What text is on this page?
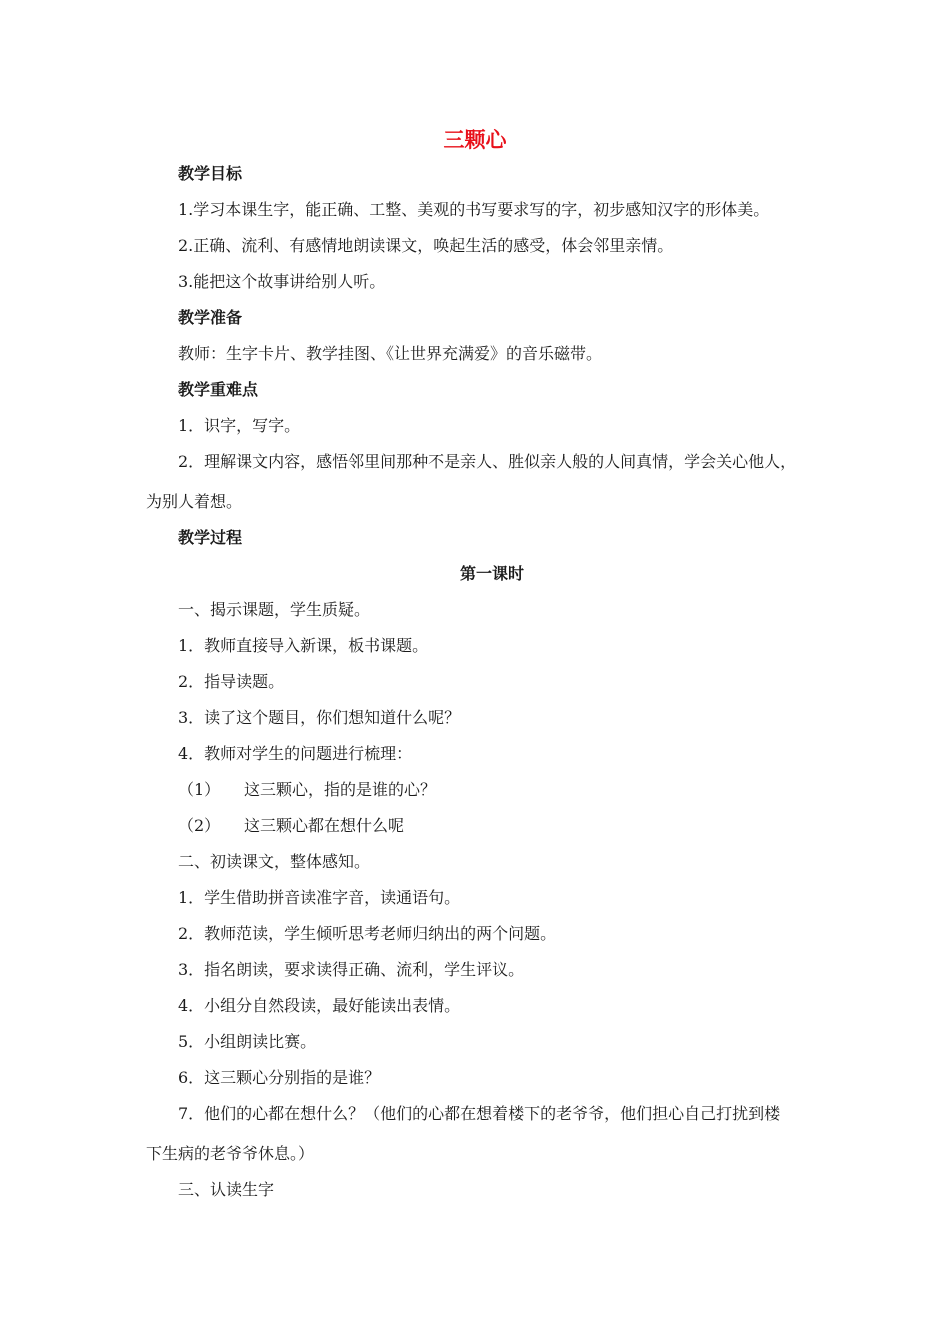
三颗心
教学目标
1.学习本课生字，能正确、工整、美观的书写要求写的字，初步感知汉字的形体美。
2.正确、流利、有感情地朗读课文，唤起生活的感受，体会邻里亲情。
3.能把这个故事讲给别人听。
教学准备
教师：生字卡片、教学挂图、《让世界充满爱》的音乐磁带。
教学重难点
1．识字，写字。
2．理解课文内容，感悟邻里间那种不是亲人、胜似亲人般的人间真情，学会关心他人，
为别人着想。
教学过程
第一课时
一、揭示课题，学生质疑。
1．教师直接导入新课，板书课题。
2．指导读题。
3．读了这个题目，你们想知道什么呢？
4．教师对学生的问题进行梳理：
（1） 这三颗心，指的是谁的心？
（2） 这三颗心都在想什么呢
二、初读课文，整体感知。
1．学生借助拼音读准字音，读通语句。
2．教师范读，学生倾听思考老师归纳出的两个问题。
3．指名朗读，要求读得正确、流利，学生评议。
4．小组分自然段读，最好能读出表情。
5．小组朗读比赛。
6．这三颗心分别指的是谁？
7．他们的心都在想什么？（他们的心都在想着楼下的老爷爷，他们担心自己打扰到楼
下生病的老爷爷休息。）
三、认读生字
